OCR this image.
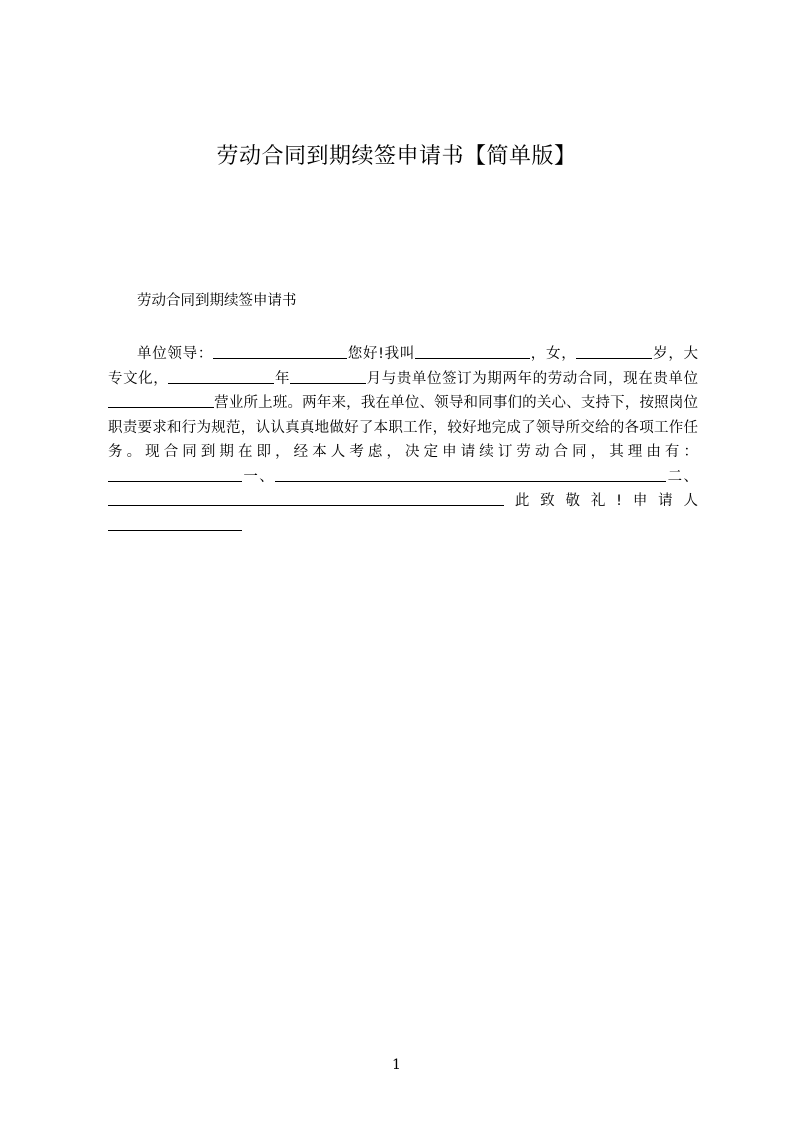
劳动合同到期续签申请书【简单版】
劳动合同到期续签申请书
单位领导：	您好!我叫	，女，	岁，大专文化，	年	月与贵单位签订为期两年的劳动合同，现在贵单位营业所上班。两年来，我在单位、领导和同事们的关心、支持下，按照岗位职责要求和行为规范，认认真真地做好了本职工作，较好地完成了领导所交给的各项工作任务。现合同到期在即，经本人考虑，决定申请续订劳动合同，其理由有：一、	二、此致敬礼!申请人
1
